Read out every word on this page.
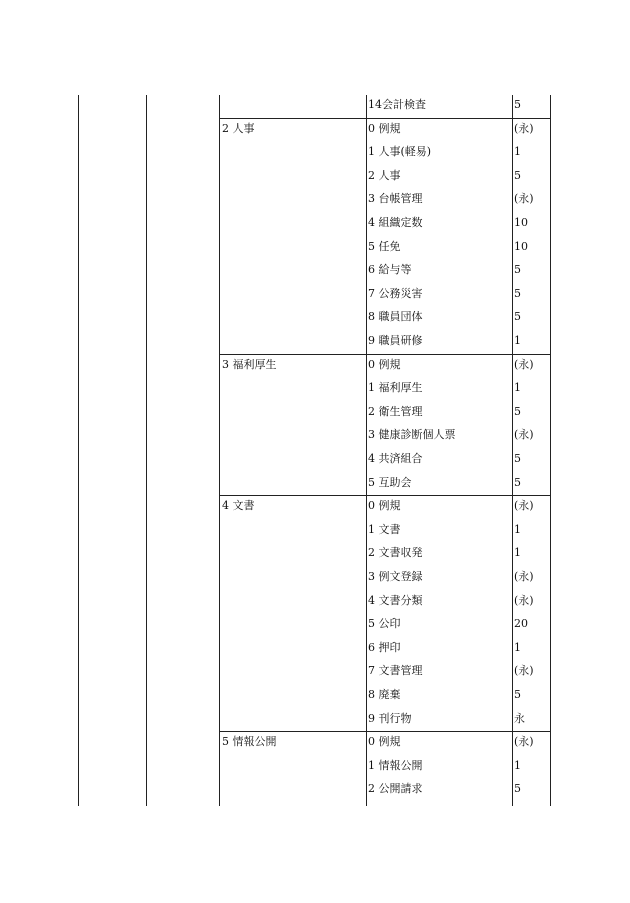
14会計検査	5
2 人事	0 例規	(永)
1 人事(軽易)	1
2 人事	5
3 台帳管理	(永)
4 組織定数	10
5 任免	10
6 給与等	5
7 公務災害	5
8 職員団体	5
9 職員研修	1
3 福利厚生	0 例規	(永)
1 福利厚生	1
2 衛生管理	5
3 健康診断個人票	(永)
4 共済組合	5
5 互助会	5
4 文書	0 例規	(永)
1 文書	1
2 文書収発	1
3 例文登録	(永)
4 文書分類	(永)
5 公印	20
6 押印	1
7 文書管理	(永)
8 廃棄	5
9 刊行物	永
5 情報公開	0 例規	(永)
1 情報公開	1
2 公開請求	5
